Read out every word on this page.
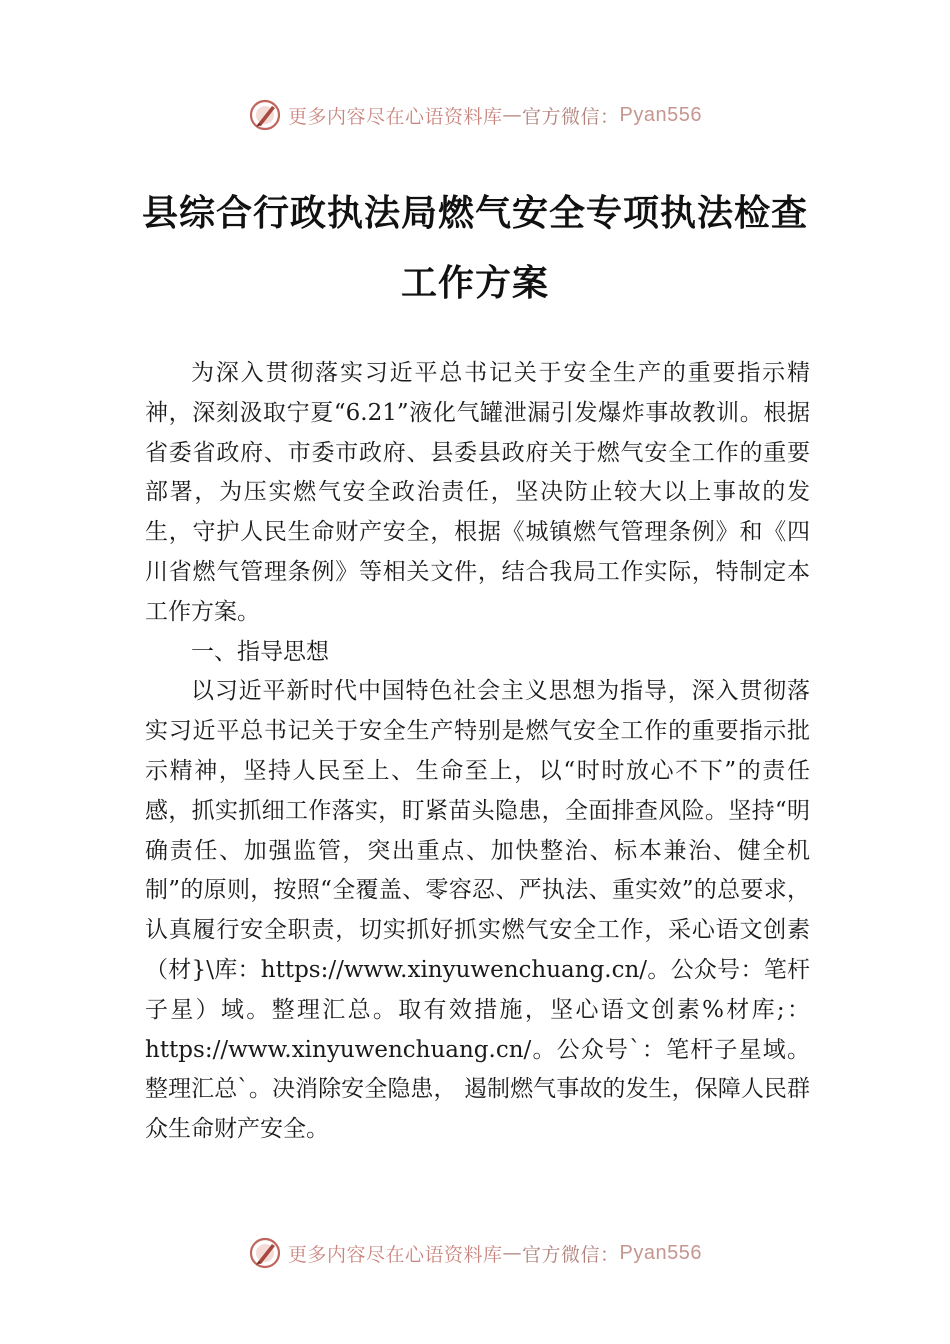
更多内容尽在心语资料库 — 官方微信： Pyan556
县综合行政执法局燃气安全专项执法检查
工作方案

为深入贯彻落实习近平总书记关于安全生产的重要指示精神，深刻汲取宁夏“6.21”液化气罐泄漏引发爆炸事故教训。根据省委省政府、市委市政府、县委县政府关于燃气安全工作的重要部署，为压实燃气安全政治责任，坚决防止较大以上事故的发生，守护人民生命财产安全，根据《城镇燃气管理条例》和《四川省燃气管理条例》等相关文件，结合我局工作实际，特制定本工作方案。

一、指导思想

以习近平新时代中国特色社会主义思想为指导，深入贯彻落实习近平总书记关于安全生产特别是燃气安全工作的重要指示批示精神，坚持人民至上、生命至上，以“时时放心不下”的责任感，抓实抓细工作落实，盯紧苗头隐患，全面排查风险。坚持“明确责任、加强监管，突出重点、加快整治、标本兼治、健全机制”的原则，按照“全覆盖、零容忍、严执法、重实效”的总要求，认真履行安全职责，切实抓好抓实燃气安全工作，采心语文创素（材}\库：https://www.xinyuwenchuang.cn/。公众号：笔杆子星）域。整理汇总。取有效措施，坚心语文创素%材库;：https://www.xinyuwenchuang.cn/。公众号`：笔杆子星域。整理汇总`。决消除安全隐患， 遏制燃气事故的发生，保障人民群众生命财产安全。

更多内容尽在心语资料库 — 官方微信： Pyan556
